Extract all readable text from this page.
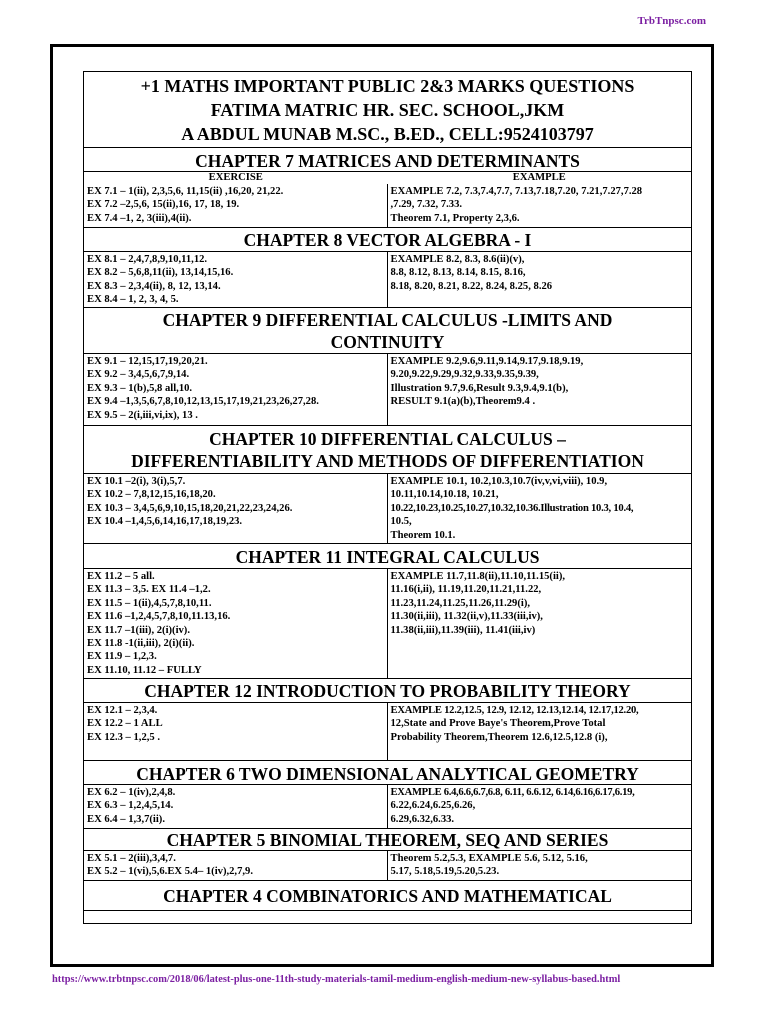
TrbTnpsc.com
+1 MATHS IMPORTANT PUBLIC 2&3 MARKS QUESTIONS
FATIMA MATRIC HR. SEC. SCHOOL,JKM
A ABDUL MUNAB M.SC., B.ED., CELL:9524103797
CHAPTER 7 MATRICES AND DETERMINANTS
EXERCISE	EXAMPLE
EX 7.1 – 1(ii), 2,3,5,6, 11,15(ii) ,16,20, 21,22.
EX 7.2 –2,5,6, 15(ii),16, 17, 18, 19.
EX 7.4 –1, 2, 3(iii),4(ii).
EXAMPLE 7.2, 7.3,7.4,7.7, 7.13,7.18,7.20, 7.21,7.27,7.28
,7.29, 7.32, 7.33.
Theorem 7.1, Property 2,3,6.
CHAPTER 8 VECTOR ALGEBRA - I
EX 8.1 – 2,4,7,8,9,10,11,12.
EX 8.2 – 5,6,8,11(ii), 13,14,15,16.
EX 8.3 – 2,3,4(ii), 8, 12, 13,14.
EX 8.4 – 1, 2, 3, 4, 5.
EXAMPLE 8.2, 8.3, 8.6(ii)(v),
8.8, 8.12, 8.13, 8.14, 8.15, 8.16,
8.18, 8.20, 8.21, 8.22, 8.24, 8.25, 8.26
CHAPTER 9 DIFFERENTIAL CALCULUS -LIMITS AND
CONTINUITY
EX 9.1 – 12,15,17,19,20,21.
EX 9.2 – 3,4,5,6,7,9,14.
EX 9.3 – 1(b),5,8 all,10.
EX 9.4 –1,3,5,6,7,8,10,12,13,15,17,19,21,23,26,27,28.
EX 9.5 – 2(i,iii,vi,ix), 13 .
EXAMPLE 9.2,9.6,9.11,9.14,9.17,9.18,9.19,
9.20,9.22,9.29,9.32,9.33,9.35,9.39,
Illustration 9.7,9.6,Result 9.3,9.4,9.1(b),
RESULT 9.1(a)(b),Theorem9.4 .
CHAPTER 10 DIFFERENTIAL CALCULUS –
DIFFERENTIABILITY AND METHODS OF DIFFERENTIATION
EX 10.1 –2(i), 3(i),5,7.
EX 10.2 – 7,8,12,15,16,18,20.
EX 10.3 – 3,4,5,6,9,10,15,18,20,21,22,23,24,26.
EX 10.4 –1,4,5,6,14,16,17,18,19,23.
EXAMPLE 10.1, 10.2,10.3,10.7(iv,v,vi,viii), 10.9,
10.11,10.14,10.18, 10.21,
10.22,10.23,10.25,10.27,10.32,10.36.Illustration 10.3, 10.4,
10.5,
Theorem 10.1.
CHAPTER 11 INTEGRAL CALCULUS
EX 11.2 – 5 all.
EX 11.3 – 3,5. EX 11.4 –1,2.
EX 11.5 – 1(ii),4,5,7,8,10,11.
EX 11.6 –1,2,4,5,7,8,10,11.13,16.
EX 11.7 –1(iii), 2(i)(iv).
EX 11.8 -1(ii,iii), 2(i)(ii).
EX 11.9 – 1,2,3.
EX 11.10, 11.12 – FULLY
EXAMPLE 11.7,11.8(ii),11.10,11.15(ii),
11.16(i,ii), 11.19,11.20,11.21,11.22,
11.23,11.24,11.25,11.26,11.29(i),
11.30(ii,iii), 11.32(ii,v),11.33(iii,iv),
11.38(ii,iii),11.39(iii), 11.41(iii,iv)
CHAPTER 12 INTRODUCTION TO PROBABILITY THEORY
EX 12.1 – 2,3,4.
EX 12.2 – 1 ALL
EX 12.3 – 1,2,5 .
EXAMPLE 12.2,12.5, 12.9, 12.12, 12.13,12.14, 12.17,12.20,
12,State and Prove Baye's Theorem,Prove Total
Probability Theorem,Theorem 12.6,12.5,12.8 (i),
CHAPTER 6 TWO DIMENSIONAL ANALYTICAL GEOMETRY
EX 6.2 – 1(iv),2,4,8.
EX 6.3 – 1,2,4,5,14.
EX 6.4 – 1,3,7(ii).
EXAMPLE 6.4,6.6,6.7,6.8, 6.11, 6.6.12, 6.14,6.16,6.17,6.19,
6.22,6.24,6.25,6.26,
6.29,6.32,6.33.
CHAPTER 5 BINOMIAL THEOREM, SEQ AND SERIES
EX 5.1 – 2(iii),3,4,7.
EX 5.2 – 1(vi),5,6.EX 5.4– 1(iv),2,7,9.
Theorem 5.2,5.3, EXAMPLE 5.6, 5.12, 5.16,
5.17, 5.18,5.19,5.20,5.23.
CHAPTER 4 COMBINATORICS AND MATHEMATICAL
https://www.trbtnpsc.com/2018/06/latest-plus-one-11th-study-materials-tamil-medium-english-medium-new-syllabus-based.html
